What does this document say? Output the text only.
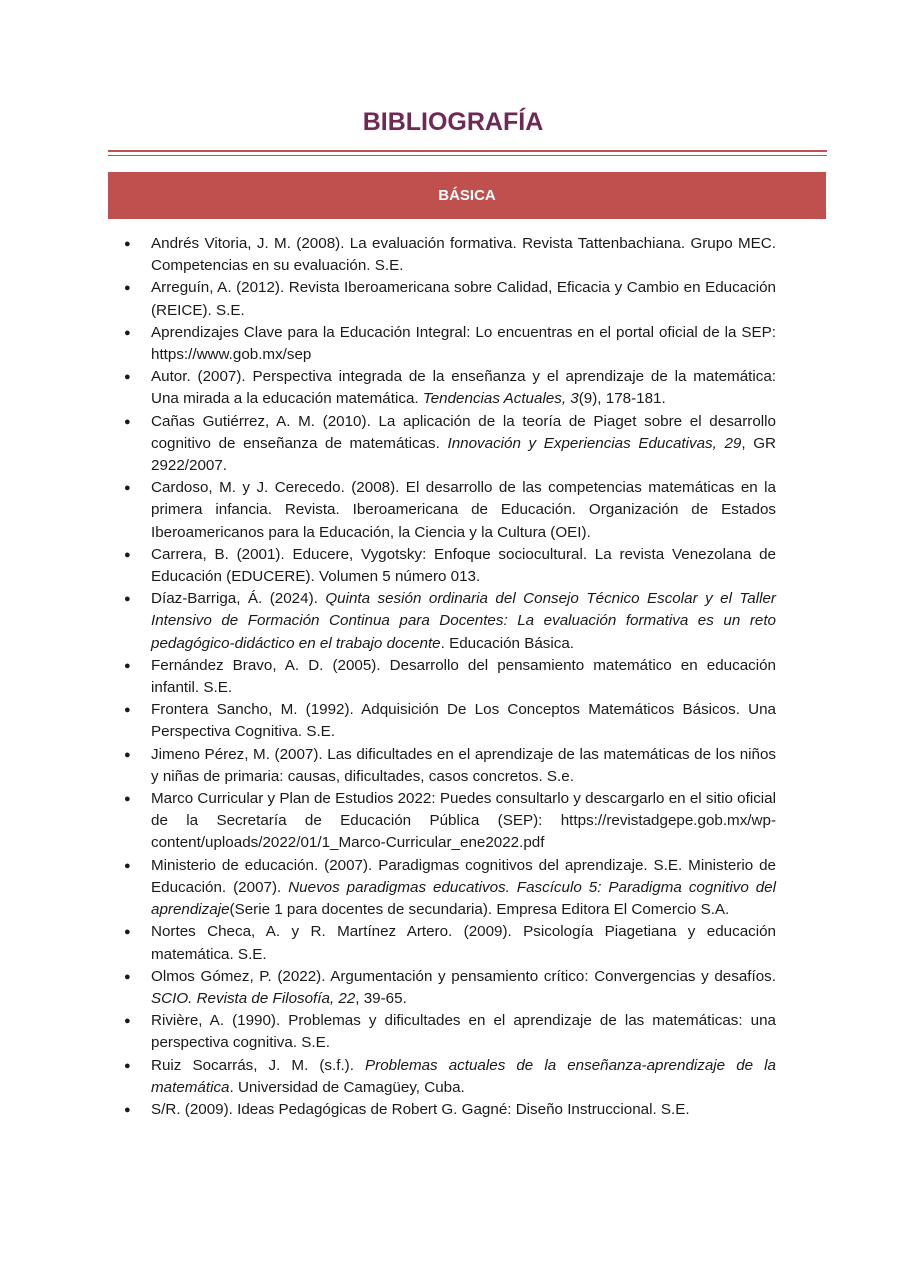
BIBLIOGRAFÍA
BÁSICA
● Andrés Vitoria, J. M. (2008). La evaluación formativa. Revista Tattenbachiana. Grupo MEC. Competencias en su evaluación. S.E.
● Arreguín, A. (2012). Revista Iberoamericana sobre Calidad, Eficacia y Cambio en Educación (REICE). S.E.
● Aprendizajes Clave para la Educación Integral: Lo encuentras en el portal oficial de la SEP: https://www.gob.mx/sep
● Autor. (2007). Perspectiva integrada de la enseñanza y el aprendizaje de la matemática: Una mirada a la educación matemática. Tendencias Actuales, 3(9), 178-181.
● Cañas Gutiérrez, A. M. (2010). La aplicación de la teoría de Piaget sobre el desarrollo cognitivo de enseñanza de matemáticas. Innovación y Experiencias Educativas, 29, GR 2922/2007.
● Cardoso, M. y J. Cerecedo. (2008). El desarrollo de las competencias matemáticas en la primera infancia. Revista. Iberoamericana de Educación. Organización de Estados Iberoamericanos para la Educación, la Ciencia y la Cultura (OEI).
● Carrera, B. (2001). Educere, Vygotsky: Enfoque sociocultural. La revista Venezolana de Educación (EDUCERE). Volumen 5 número 013.
● Díaz-Barriga, Á. (2024). Quinta sesión ordinaria del Consejo Técnico Escolar y el Taller Intensivo de Formación Continua para Docentes: La evaluación formativa es un reto pedagógico-didáctico en el trabajo docente. Educación Básica.
● Fernández Bravo, A. D. (2005). Desarrollo del pensamiento matemático en educación infantil. S.E.
● Frontera Sancho, M. (1992). Adquisición De Los Conceptos Matemáticos Básicos. Una Perspectiva Cognitiva. S.E.
● Jimeno Pérez, M. (2007). Las dificultades en el aprendizaje de las matemáticas de los niños y niñas de primaria: causas, dificultades, casos concretos. S.e.
● Marco Curricular y Plan de Estudios 2022: Puedes consultarlo y descargarlo en el sitio oficial de la Secretaría de Educación Pública (SEP): https://revistadgepe.gob.mx/wp-content/uploads/2022/01/1_Marco-Curricular_ene2022.pdf
● Ministerio de educación. (2007). Paradigmas cognitivos del aprendizaje. S.E. Ministerio de Educación. (2007). Nuevos paradigmas educativos. Fascículo 5: Paradigma cognitivo del aprendizaje(Serie 1 para docentes de secundaria). Empresa Editora El Comercio S.A.
● Nortes Checa, A. y R. Martínez Artero. (2009). Psicología Piagetiana y educación matemática. S.E.
● Olmos Gómez, P. (2022). Argumentación y pensamiento crítico: Convergencias y desafíos. SCIO. Revista de Filosofía, 22, 39-65.
● Rivière, A. (1990). Problemas y dificultades en el aprendizaje de las matemáticas: una perspectiva cognitiva. S.E.
● Ruiz Socarrás, J. M. (s.f.). Problemas actuales de la enseñanza-aprendizaje de la matemática. Universidad de Camagüey, Cuba.
● S/R. (2009). Ideas Pedagógicas de Robert G. Gagné: Diseño Instruccional. S.E.
